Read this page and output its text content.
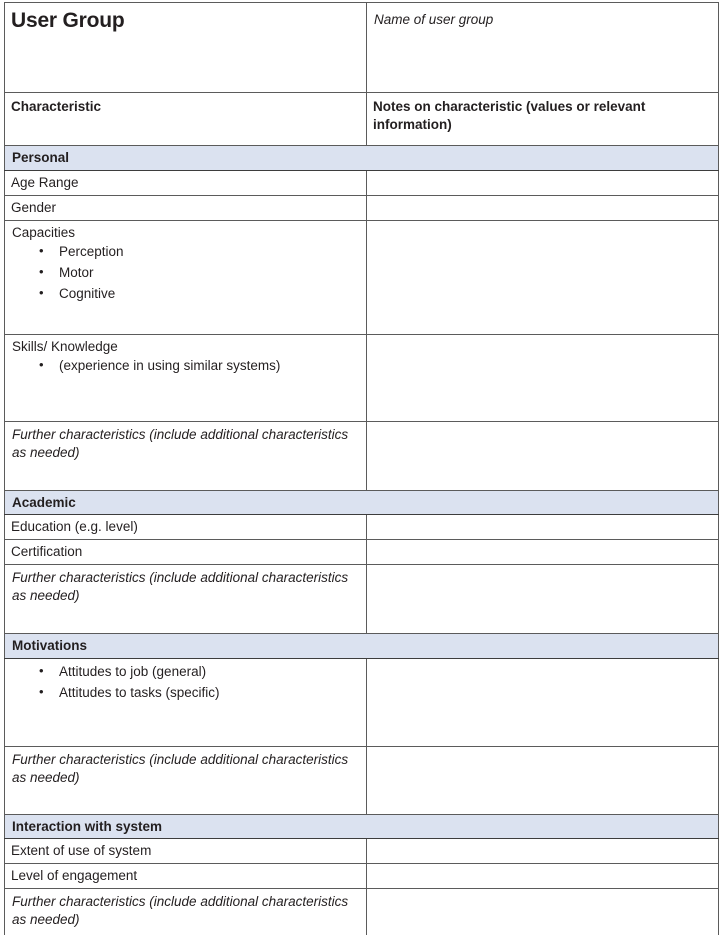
User Group	Name of user group

Characteristic	Notes on characteristic (values or relevant information)

Personal	

Age Range	

Gender	

Capacities
• Perception
• Motor
• Cognitive

Skills/ Knowledge
• (experience in using similar systems)

Further characteristics (include additional characteristics as needed)	

Academic	

Education (e.g. level)	

Certification	

Further characteristics (include additional characteristics as needed)	

Motivations	

• Attitudes to job (general)
• Attitudes to tasks (specific)

Further characteristics (include additional characteristics as needed)	

Interaction with system	

Extent of use of system	

Level of engagement	

Further characteristics (include additional characteristics as needed)	
